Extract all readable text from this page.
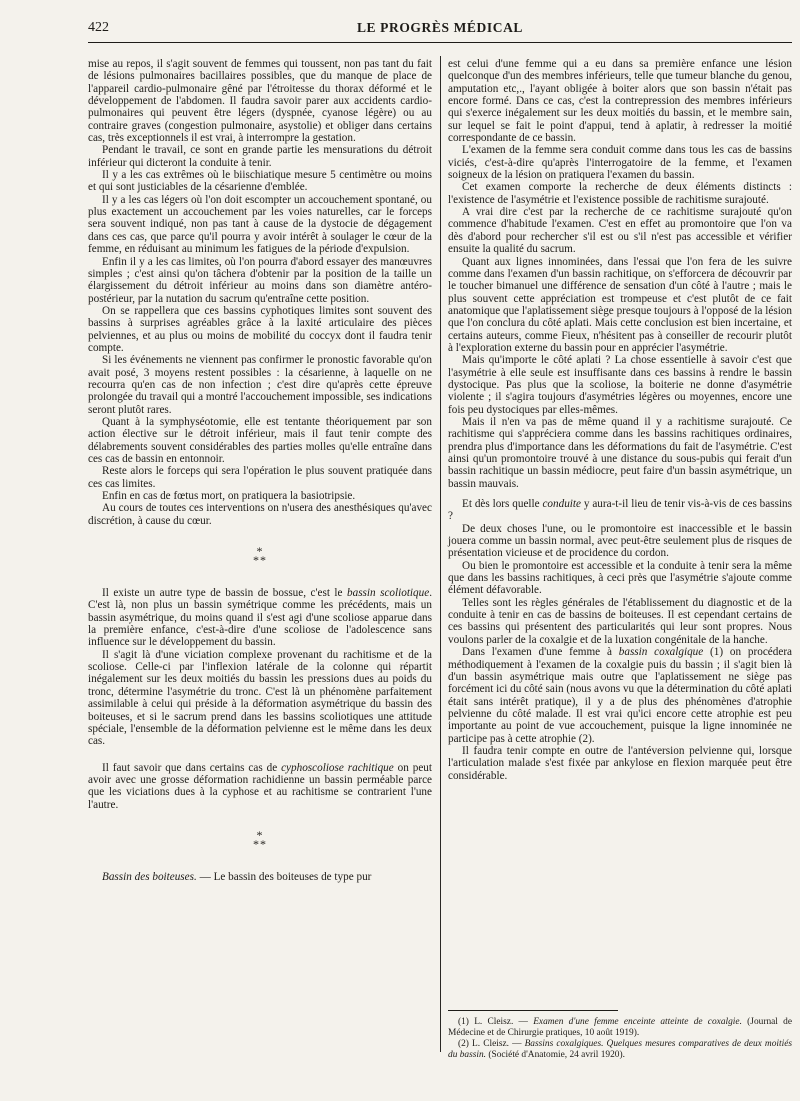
422	LE PROGRÈS MÉDICAL

mise au repos, il s'agit souvent de femmes qui toussent, non pas tant du fait de lésions pulmonaires bacillaires possibles, que du manque de place de l'appareil cardio-pulmonaire gêné par l'étroitesse du thorax déformé et le développement de l'abdomen. Il faudra savoir parer aux accidents cardio-pulmonaires qui peuvent être légers (dyspnée, cyanose légère) ou au contraire graves (congestion pulmonaire, asystolie) et obliger dans certains cas, très exceptionnels il est vrai, à interrompre la gestation.

Pendant le travail, ce sont en grande partie les mensurations du détroit inférieur qui dicteront la conduite à tenir.

Il y a les cas extrêmes où le biischiatique mesure 5 centimètre ou moins et qui sont justiciables de la césarienne d'emblée.

Il y a les cas légers où l'on doit escompter un accouchement spontané, ou plus exactement un accouchement par les voies naturelles, car le forceps sera souvent indiqué, non pas tant à cause de la dystocie de dégagement dans ces cas, que parce qu'il pourra y avoir intérêt à soulager le cœur de la femme, en réduisant au minimum les fatigues de la période d'expulsion.

Enfin il y a les cas limites, où l'on pourra d'abord essayer des manœuvres simples ; c'est ainsi qu'on tâchera d'obtenir par la position de la taille un élargissement du détroit inférieur au moins dans son diamètre antéro-postérieur, par la nutation du sacrum qu'entraîne cette position.

On se rappellera que ces bassins cyphotiques limites sont souvent des bassins à surprises agréables grâce à la laxité articulaire des pièces pelviennes, et au plus ou moins de mobilité du coccyx dont il faudra tenir compte.

Si les événements ne viennent pas confirmer le pronostic favorable qu'on avait posé, 3 moyens restent possibles : la césarienne, à laquelle on ne recourra qu'en cas de non infection ; c'est dire qu'après cette épreuve prolongée du travail qui a montré l'accouchement impossible, ses indications seront plutôt rares.

Quant à la symphyséotomie, elle est tentante théoriquement par son action élective sur le détroit inférieur, mais il faut tenir compte des délabrements souvent considérables des parties molles qu'elle entraîne dans ces cas de bassin en entonnoir.

Reste alors le forceps qui sera l'opération le plus souvent pratiquée dans ces cas limites.

Enfin en cas de fœtus mort, on pratiquera la basiotripsie.

Au cours de toutes ces interventions on n'usera des anesthésiques qu'avec discrétion, à cause du cœur.

*
**

Il existe un autre type de bassin de bossue, c'est le bassin scoliotique. C'est là, non plus un bassin symétrique comme les précédents, mais un bassin asymétrique, du moins quand il s'est agi d'une scoliose apparue dans la première enfance, c'est-à-dire d'une scoliose de l'adolescence sans influence sur le développement du bassin.

Il s'agit là d'une viciation complexe provenant du rachitisme et de la scoliose. Celle-ci par l'inflexion latérale de la colonne qui répartit inégalement sur les deux moitiés du bassin les pressions dues au poids du tronc, détermine l'asymétrie du tronc. C'est là un phénomène parfaitement assimilable à celui qui préside à la déformation asymétrique du bassin des boiteuses, et si le sacrum prend dans les bassins scoliotiques une attitude spéciale, l'ensemble de la déformation pelvienne est le même dans les deux cas.

Il faut savoir que dans certains cas de cyphoscoliose rachitique on peut avoir avec une grosse déformation rachidienne un bassin perméable parce que les viciations dues à la cyphose et au rachitisme se contrarient l'une l'autre.

*
**

Bassin des boiteuses. — Le bassin des boiteuses de type pur

est celui d'une femme qui a eu dans sa première enfance une lésion quelconque d'un des membres inférieurs, telle que tumeur blanche du genou, amputation etc,., l'ayant obligée à boiter alors que son bassin n'était pas encore formé. Dans ce cas, c'est la contrepression des membres inférieurs qui s'exerce inégalement sur les deux moitiés du bassin, et le membre sain, sur lequel se fait le point d'appui, tend à aplatir, à redresser la moitié correspondante de ce bassin.

L'examen de la femme sera conduit comme dans tous les cas de bassins viciés, c'est-à-dire qu'après l'interrogatoire de la femme, et l'examen soigneux de la lésion on pratiquera l'examen du bassin.

Cet examen comporte la recherche de deux éléments distincts : l'existence de l'asymétrie et l'existence possible de rachitisme surajouté.

A vrai dire c'est par la recherche de ce rachitisme surajouté qu'on commence d'habitude l'examen. C'est en effet au promontoire que l'on va dès d'abord pour rechercher s'il est ou s'il n'est pas accessible et vérifier ensuite la qualité du sacrum.

Quant aux lignes innominées, dans l'essai que l'on fera de les suivre comme dans l'examen d'un bassin rachitique, on s'efforcera de découvrir par le toucher bimanuel une différence de sensation d'un côté à l'autre ; mais le plus souvent cette appréciation est trompeuse et c'est plutôt de ce fait anatomique que l'aplatissement siège presque toujours à l'opposé de la lésion que l'on conclura du côté aplati. Mais cette conclusion est bien incertaine, et certains auteurs, comme Fieux, n'hésitent pas à conseiller de recourir plutôt à l'exploration externe du bassin pour en apprécier l'asymétrie.

Mais qu'importe le côté aplati ? La chose essentielle à savoir c'est que l'asymétrie à elle seule est insuffisante dans ces bassins à rendre le bassin dystocique. Pas plus que la scoliose, la boiterie ne donne d'asymétrie violente ; il s'agira toujours d'asymétries légères ou moyennes, encore une fois peu dystociques par elles-mêmes.

Mais il n'en va pas de même quand il y a rachitisme surajouté. Ce rachitisme qui s'appréciera comme dans les bassins rachitiques ordinaires, prendra plus d'importance dans les déformations du fait de l'asymétrie. C'est ainsi qu'un promontoire trouvé à une distance du sous-pubis qui ferait d'un bassin rachitique un bassin médiocre, peut faire d'un bassin asymétrique, un bassin mauvais.

Et dès lors quelle conduite y aura-t-il lieu de tenir vis-à-vis de ces bassins ?

De deux choses l'une, ou le promontoire est inaccessible et le bassin jouera comme un bassin normal, avec peut-être seulement plus de risques de présentation vicieuse et de procidence du cordon.

Ou bien le promontoire est accessible et la conduite à tenir sera la même que dans les bassins rachitiques, à ceci près que l'asymétrie s'ajoute comme élément défavorable.

Telles sont les règles générales de l'établissement du diagnostic et de la conduite à tenir en cas de bassins de boiteuses. Il est cependant certains de ces bassins qui présentent des particularités qui leur sont propres. Nous voulons parler de la coxalgie et de la luxation congénitale de la hanche.

Dans l'examen d'une femme à bassin coxalgique (1) on procédera méthodiquement à l'examen de la coxalgie puis du bassin ; il s'agit bien là d'un bassin asymétrique mais outre que l'aplatissement ne siège pas forcément ici du côté sain (nous avons vu que la détermination du côté aplati était sans intérêt pratique), il y a de plus des phénomènes d'atrophie pelvienne du côté malade. Il est vrai qu'ici encore cette atrophie est peu importante au point de vue accouchement, puisque la ligne innominée ne participe pas à cette atrophie (2).

Il faudra tenir compte en outre de l'antéversion pelvienne qui, lorsque l'articulation malade s'est fixée par ankylose en flexion marquée peut être considérable.

(1) L. Cleisz. — Examen d'une femme enceinte atteinte de coxalgie. (Journal de Médecine et de Chirurgie pratiques, 10 août 1919).

(2) L. Cleisz. — Bassins coxalgiques. Quelques mesures comparatives de deux moitiés du bassin. (Société d'Anatomie, 24 avril 1920).
